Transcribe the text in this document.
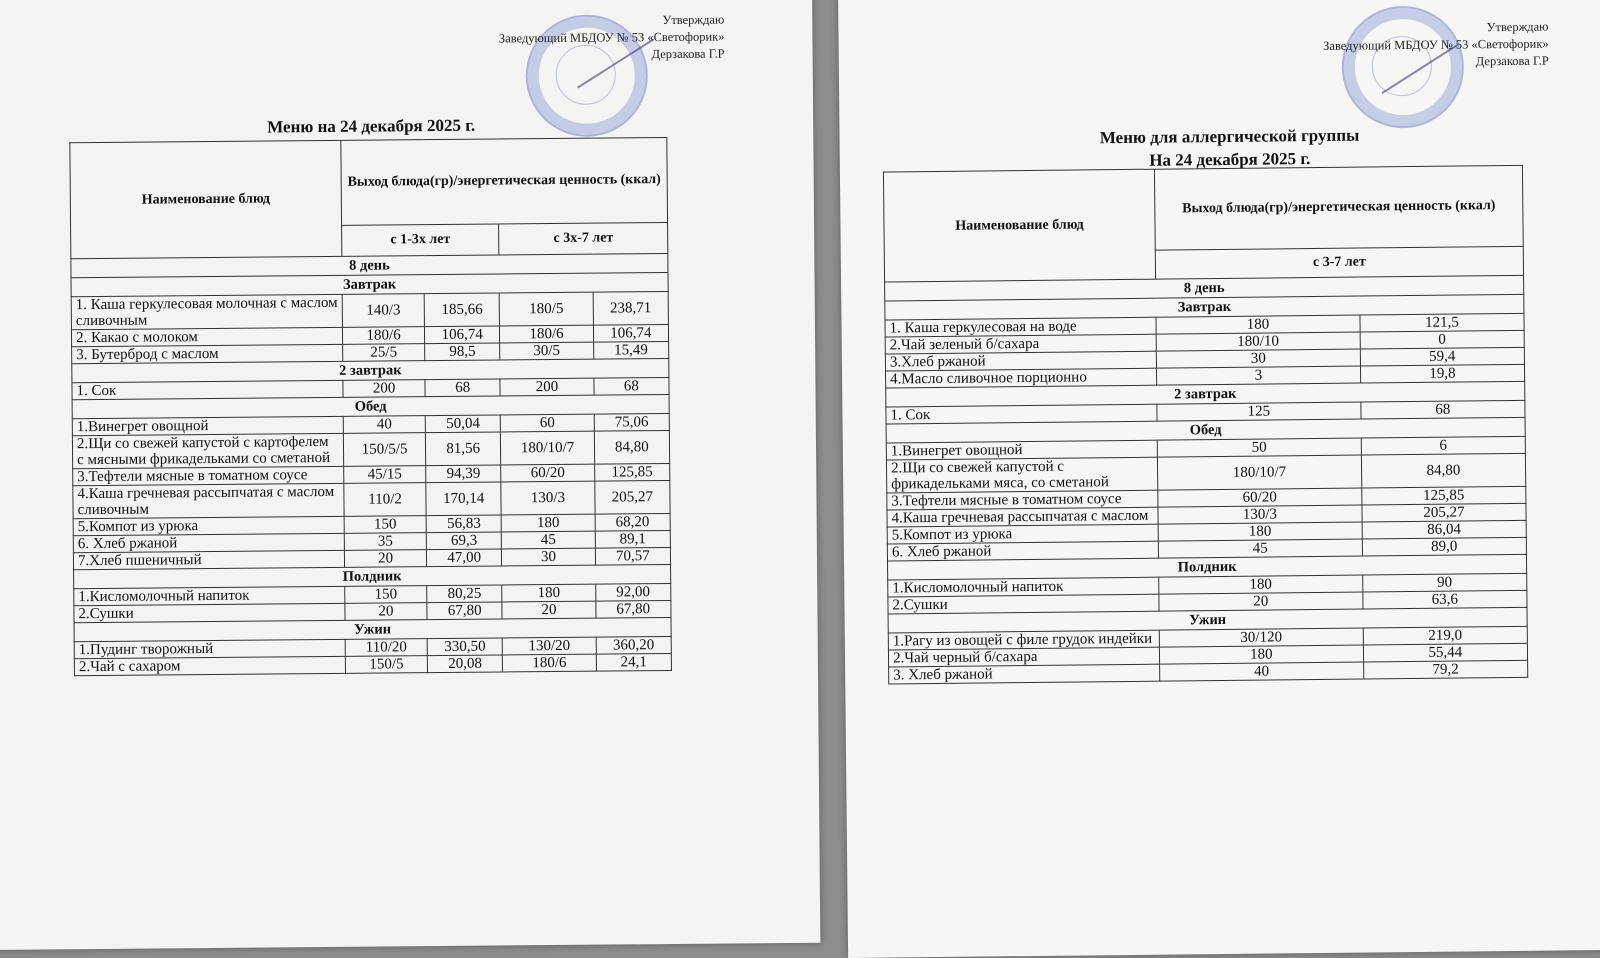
Утверждаю
Заведующий МБДОУ № 53 «Светофорик»
Дерзакова Г.Р
Меню на 24 декабря 2025 г.
Наименование блюд	Выход блюда(гр)/энергетическая ценность (ккал)			
	с 1-3х лет		с 3х-7 лет	
8 день				
Завтрак				
1. Каша геркулесовая молочная с маслом сливочным	140/3	185,66	180/5	238,71
2. Какао с молоком	180/6	106,74	180/6	106,74
3. Бутерброд с маслом	25/5	98,5	30/5	15,49
2 завтрак				
1. Сок	200	68	200	68
Обед				
1.Винегрет овощной	40	50,04	60	75,06
2.Щи со свежей капустой с картофелем с мясными фрикадельками со сметаной	150/5/5	81,56	180/10/7	84,80
3.Тефтели мясные в томатном соусе	45/15	94,39	60/20	125,85
4.Каша гречневая рассыпчатая с маслом сливочным	110/2	170,14	130/3	205,27
5.Компот из урюка	150	56,83	180	68,20
6. Хлеб ржаной	35	69,3	45	89,1
7.Хлеб пшеничный	20	47,00	30	70,57
Полдник				
1.Кисломолочный напиток	150	80,25	180	92,00
2.Сушки	20	67,80	20	67,80
Ужин				
1.Пудинг творожный	110/20	330,50	130/20	360,20
2.Чай с сахаром	150/5	20,08	180/6	24,1
Утверждаю
Заведующий МБДОУ № 53 «Светофорик»
Дерзакова Г.Р
Меню для аллергической группы
На 24 декабря 2025 г.
Наименование блюд	Выход блюда(гр)/энергетическая ценность (ккал)	
	с 3-7 лет	
8 день		
Завтрак		
1. Каша геркулесовая на воде	180	121,5
2.Чай зеленый б/сахара	180/10	0
3.Хлеб ржаной	30	59,4
4.Масло сливочное порционно	3	19,8
2 завтрак		
1. Сок	125	68
Обед		
1.Винегрет овощной	50	6
2.Щи со свежей капустой с фрикадельками мяса, со сметаной	180/10/7	84,80
3.Тефтели мясные в томатном соусе	60/20	125,85
4.Каша гречневая рассыпчатая с маслом	130/3	205,27
5.Компот из урюка	180	86,04
6. Хлеб ржаной	45	89,0
Полдник		
1.Кисломолочный напиток	180	90
2.Сушки	20	63,6
Ужин		
1.Рагу из овощей с филе грудок индейки	30/120	219,0
2.Чай черный б/сахара	180	55,44
3. Хлеб ржаной	40	79,2
